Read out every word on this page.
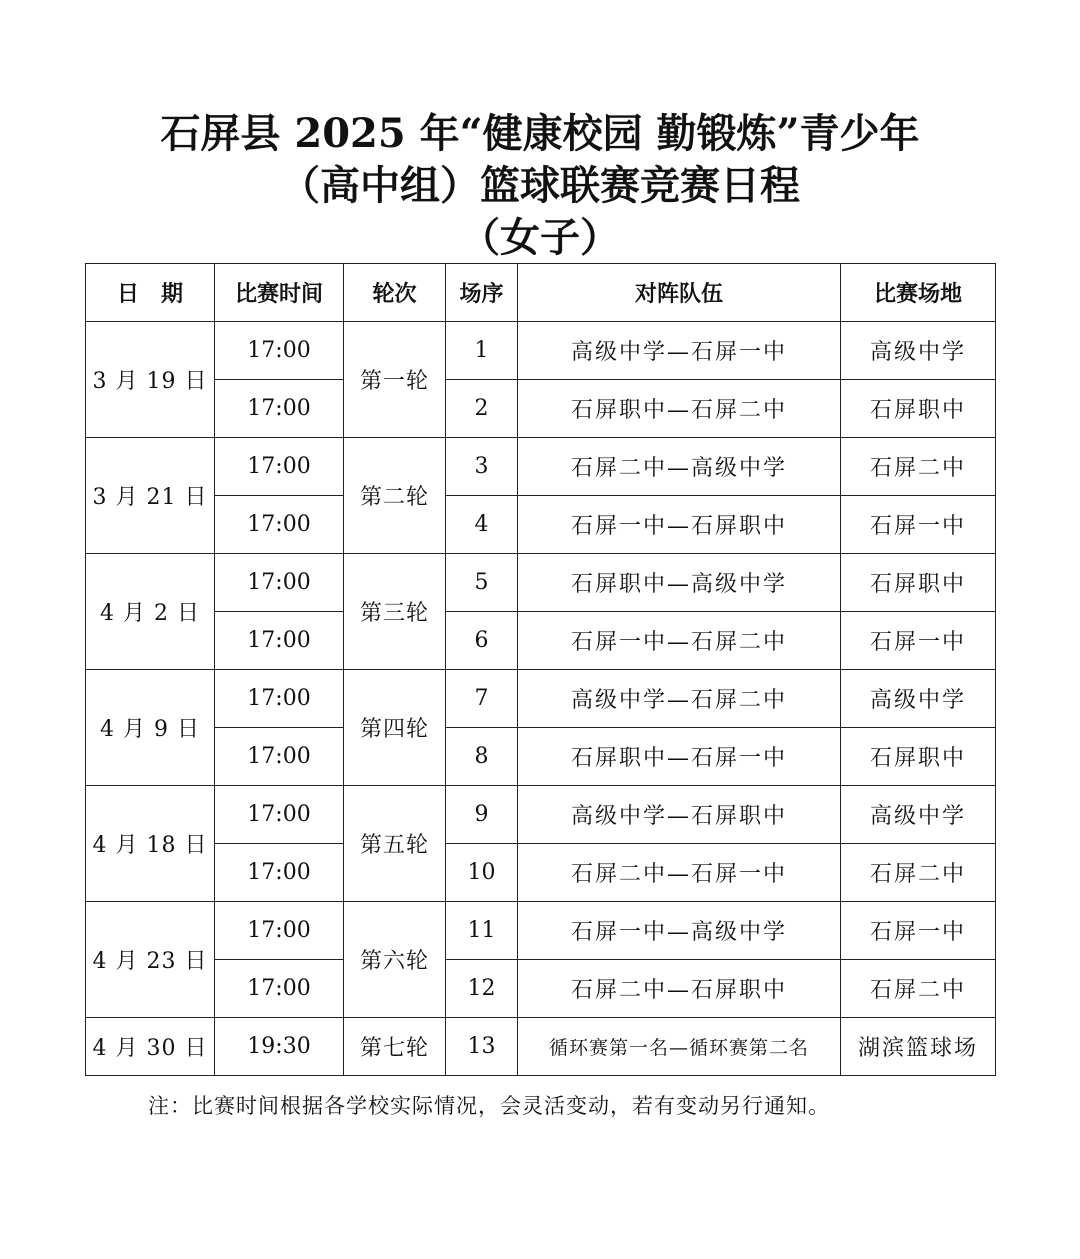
石屏县 2025 年“健康校园 勤锻炼”青少年
（高中组）篮球联赛竞赛日程
（女子）
日　期	比赛时间	轮次	场序	对阵队伍	比赛场地
3 月 19 日	17:00	第一轮	1	高级中学—石屏一中	高级中学
	17:00		2	石屏职中—石屏二中	石屏职中
3 月 21 日	17:00	第二轮	3	石屏二中—高级中学	石屏二中
	17:00		4	石屏一中—石屏职中	石屏一中
4 月 2 日	17:00	第三轮	5	石屏职中—高级中学	石屏职中
	17:00		6	石屏一中—石屏二中	石屏一中
4 月 9 日	17:00	第四轮	7	高级中学—石屏二中	高级中学
	17:00		8	石屏职中—石屏一中	石屏职中
4 月 18 日	17:00	第五轮	9	高级中学—石屏职中	高级中学
	17:00		10	石屏二中—石屏一中	石屏二中
4 月 23 日	17:00	第六轮	11	石屏一中—高级中学	石屏一中
	17:00		12	石屏二中—石屏职中	石屏二中
4 月 30 日	19:30	第七轮	13	循环赛第一名—循环赛第二名	湖滨篮球场
注：比赛时间根据各学校实际情况，会灵活变动，若有变动另行通知。
